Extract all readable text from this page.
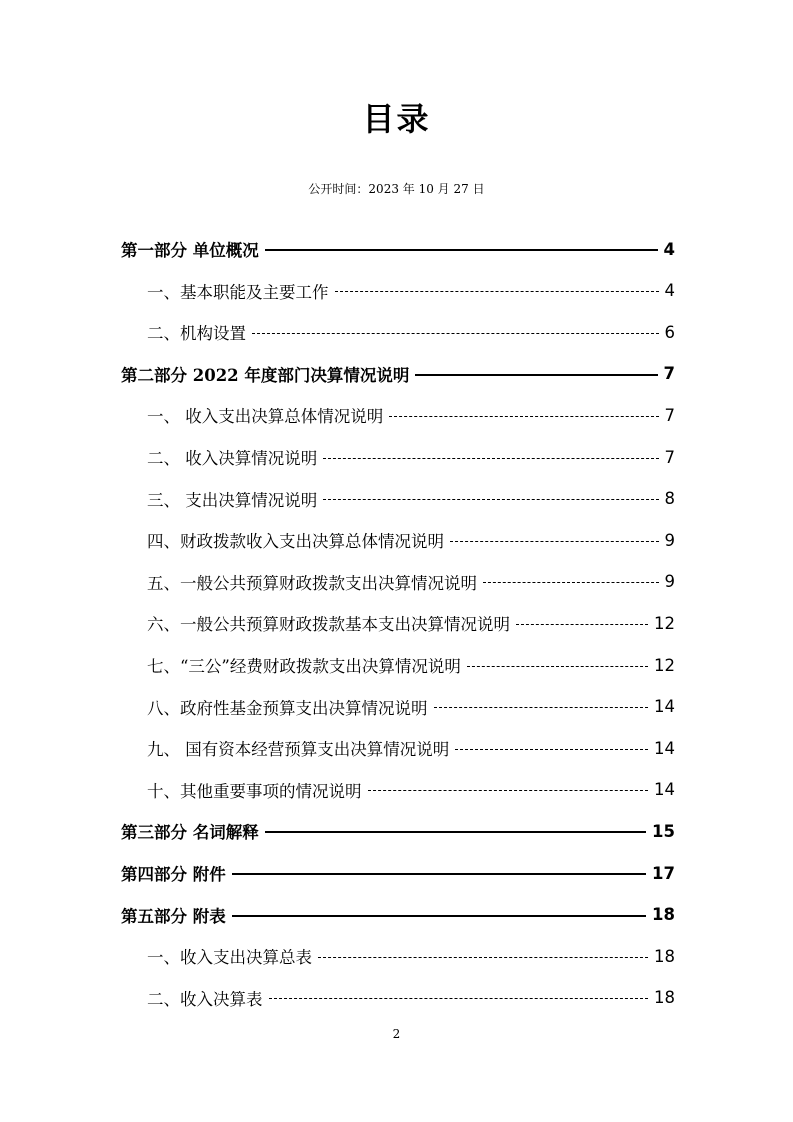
目录
公开时间：2023 年 10 月 27 日
第一部分 单位概况	4
一、基本职能及主要工作	4
二、机构设置	6
第二部分 2022 年度部门决算情况说明	7
一、 收入支出决算总体情况说明	7
二、 收入决算情况说明	7
三、 支出决算情况说明	8
四、财政拨款收入支出决算总体情况说明	9
五、一般公共预算财政拨款支出决算情况说明	9
六、一般公共预算财政拨款基本支出决算情况说明	12
七、“三公”经费财政拨款支出决算情况说明	12
八、政府性基金预算支出决算情况说明	14
九、 国有资本经营预算支出决算情况说明	14
十、其他重要事项的情况说明	14
第三部分 名词解释	15
第四部分 附件	17
第五部分 附表	18
一、收入支出决算总表	18
二、收入决算表	18
2
